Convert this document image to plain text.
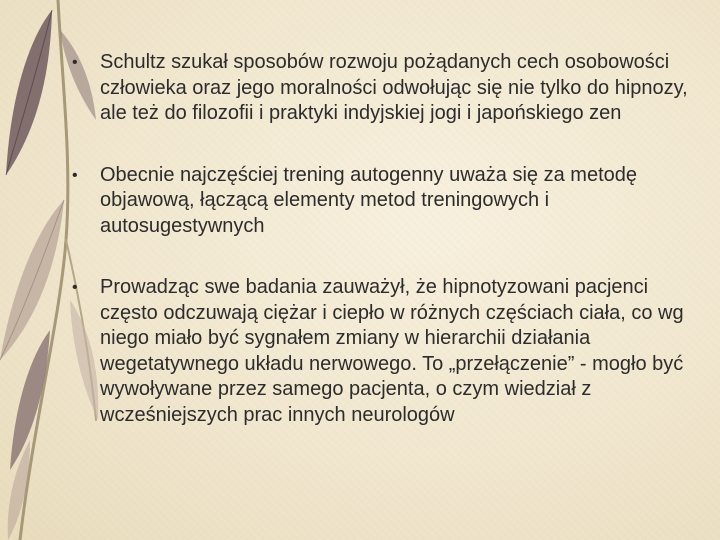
• Schultz szukał sposobów rozwoju pożądanych cech osobowości człowieka oraz jego moralności odwołując się nie tylko do hipnozy, ale też do filozofii i praktyki indyjskiej jogi i japońskiego zen
• Obecnie najczęściej trening autogenny uważa się za metodę objawową, łączącą elementy metod treningowych i autosugestywnych
• Prowadząc swe badania zauważył, że hipnotyzowani pacjenci często odczuwają ciężar i ciepło w różnych częściach ciała, co wg niego miało być sygnałem zmiany w hierarchii działania wegetatywnego układu nerwowego. To „przełączenie” - mogło być wywoływane przez samego pacjenta, o czym wiedział z wcześniejszych prac innych neurologów
